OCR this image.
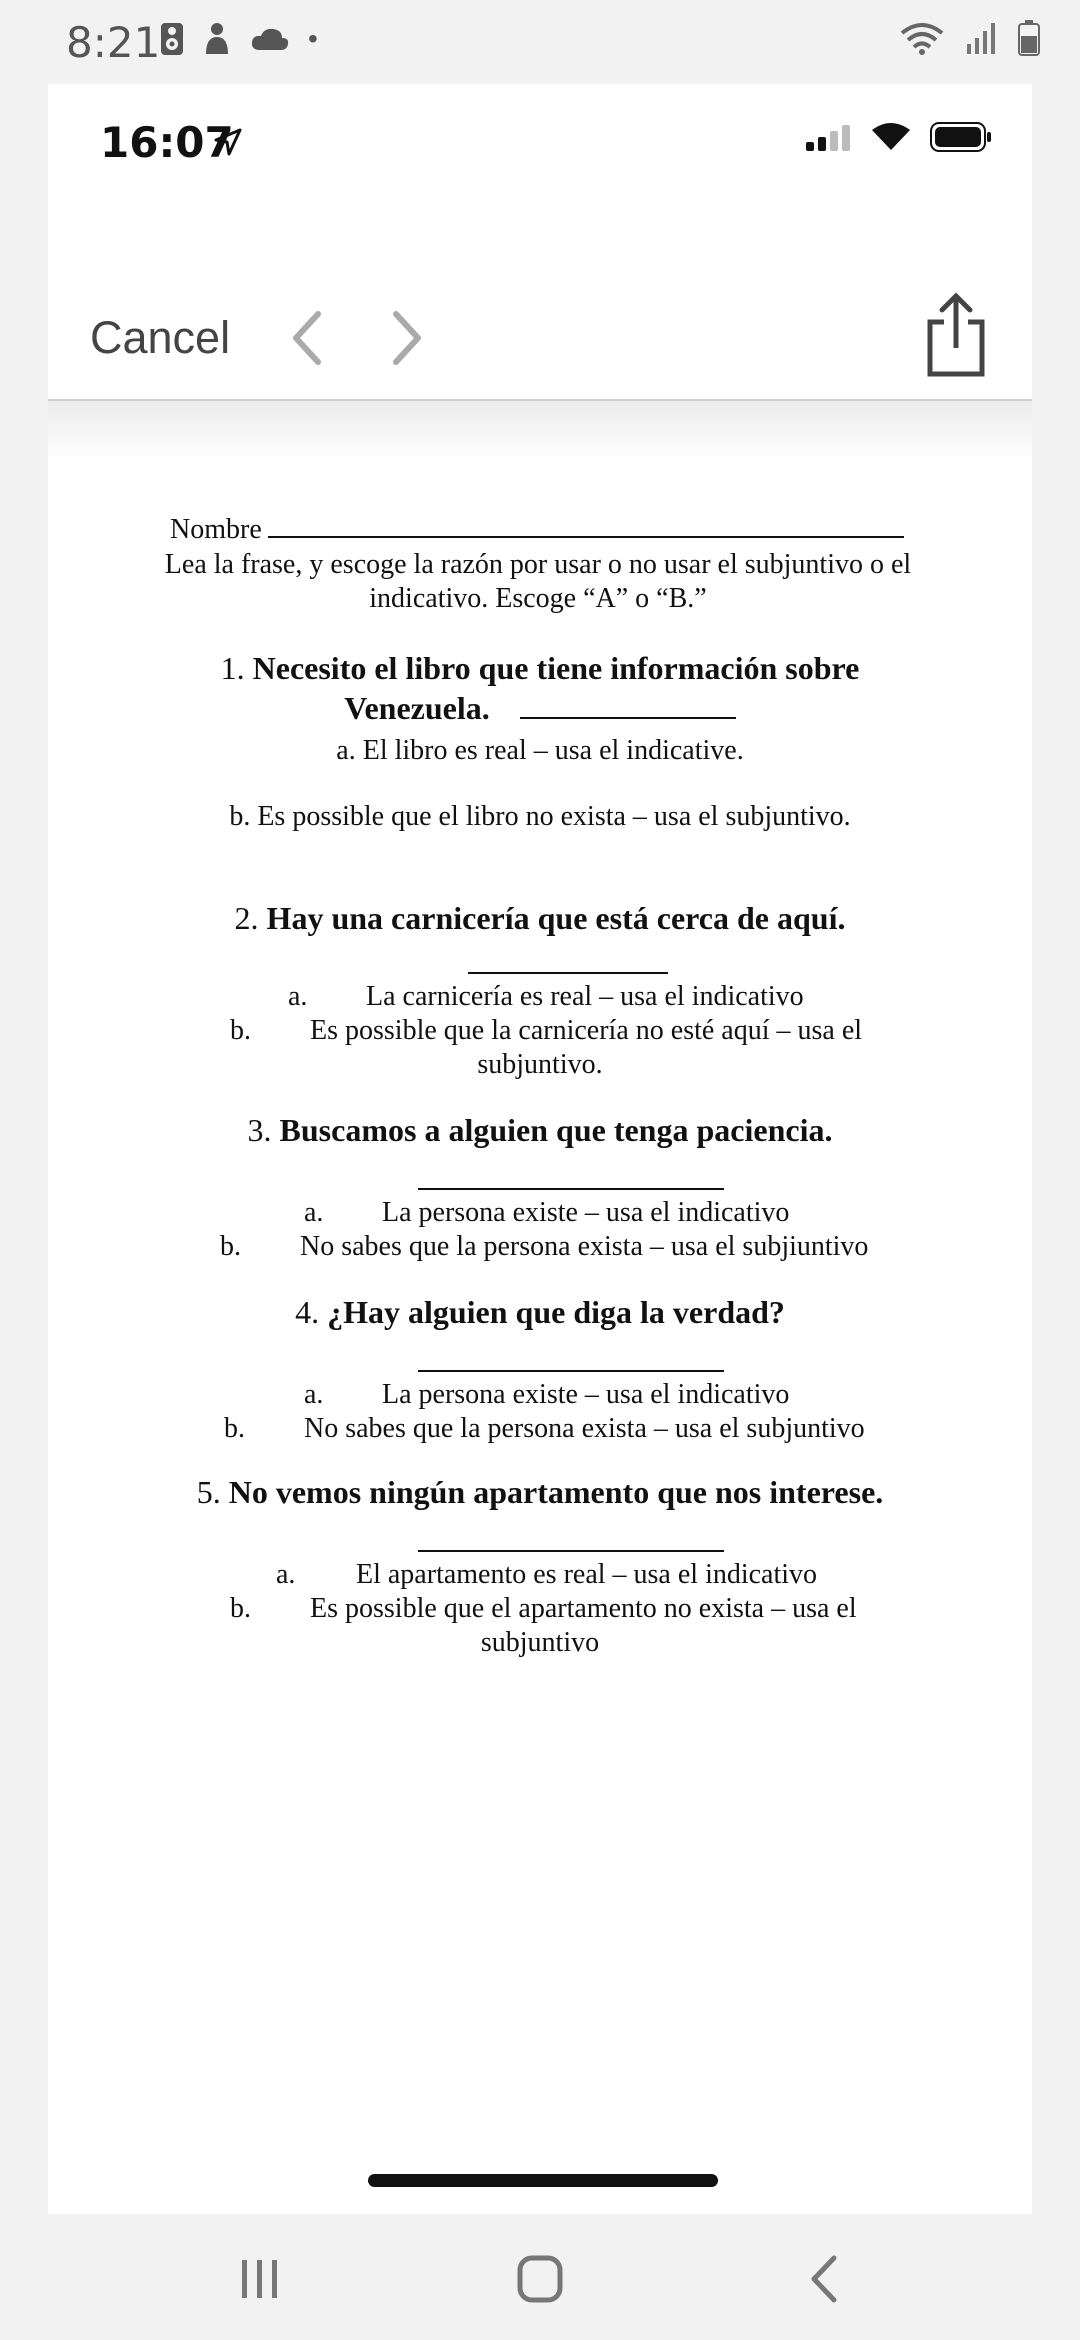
8:21	•
16:07
Cancel
Nombre
Lea la frase, y escoge la razón por usar o no usar el subjuntivo o el indicativo. Escoge “A” o “B.”
1. Necesito el libro que tiene información sobre
Venezuela.
a. El libro es real – usa el indicative.
b. Es possible que el libro no exista – usa el subjuntivo.
2. Hay una carnicería que está cerca de aquí.
a. La carnicería es real – usa el indicativo
b. Es possible que la carnicería no esté aquí – usa el
subjuntivo.
3. Buscamos a alguien que tenga paciencia.
a. La persona existe – usa el indicativo
b. No sabes que la persona exista – usa el subjiuntivo
4. ¿Hay alguien que diga la verdad?
a. La persona existe – usa el indicativo
b. No sabes que la persona exista – usa el subjuntivo
5. No vemos ningún apartamento que nos interese.
a. El apartamento es real – usa el indicativo
b. Es possible que el apartamento no exista – usa el
subjuntivo
